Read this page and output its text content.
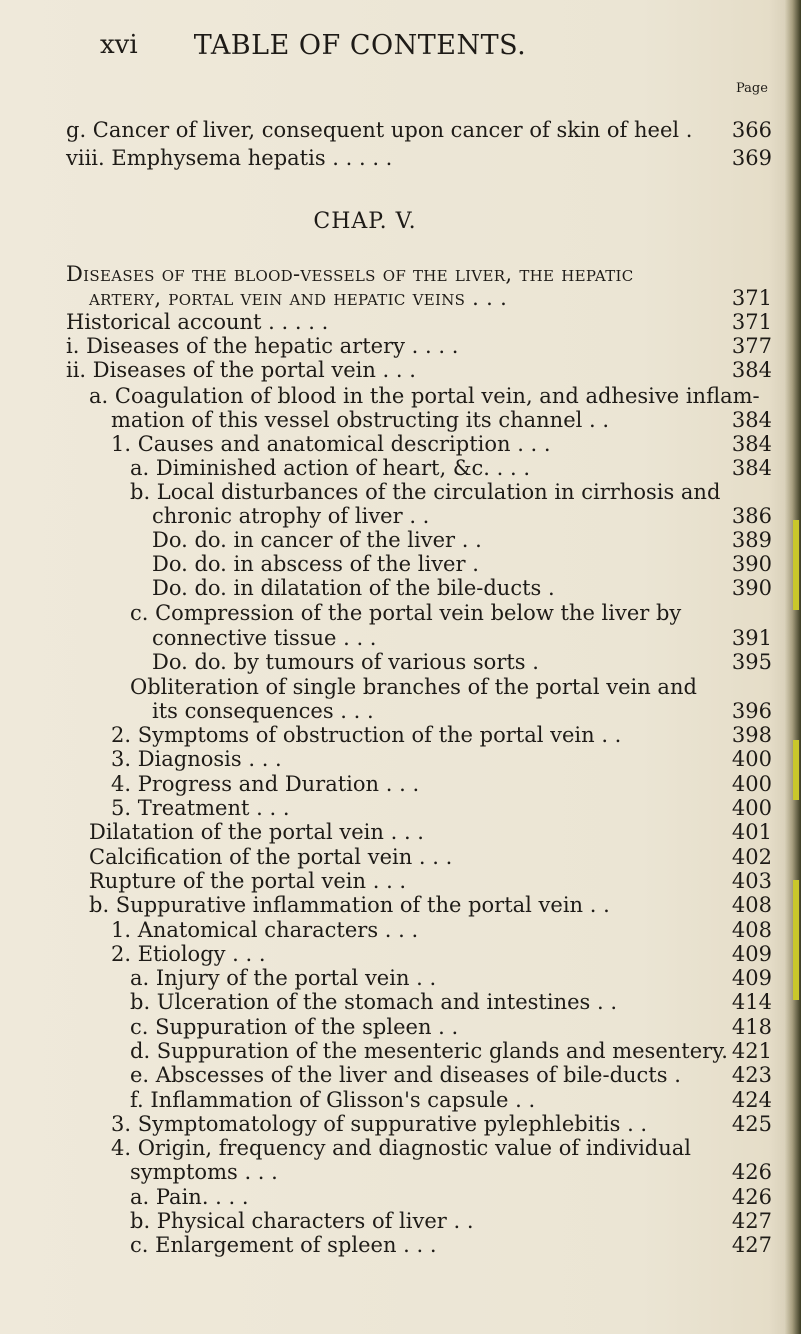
xvi	TABLE OF CONTENTS.
Page
CHAP. V.
g. Cancer of liver, consequent upon cancer of skin of heel . 366
viii. Emphysema hepatis . . . . .	369
Diseases of the blood-vessels of the liver, the hepatic
artery, portal vein and hepatic veins . . .	371
Historical account . . . . .	371
i. Diseases of the hepatic artery . . . .	377
ii. Diseases of the portal vein . . .	384
a. Coagulation of blood in the portal vein, and adhesive inflam-
mation of this vessel obstructing its channel . .	384
1. Causes and anatomical description . . .	384
a. Diminished action of heart, &c. . . .	384
b. Local disturbances of the circulation in cirrhosis and
chronic atrophy of liver . .	386
Do. do. in cancer of the liver . .	389
Do. do. in abscess of the liver .	390
Do. do. in dilatation of the bile-ducts .	390
c. Compression of the portal vein below the liver by
connective tissue . . .	391
Do. do. by tumours of various sorts .	395
Obliteration of single branches of the portal vein and
its consequences . . .	396
2. Symptoms of obstruction of the portal vein . .	398
3. Diagnosis . . .	400
4. Progress and Duration . . .	400
5. Treatment . . .	400
Dilatation of the portal vein . . .	401
Calcification of the portal vein . . .	402
Rupture of the portal vein . . .	403
b. Suppurative inflammation of the portal vein . .	408
1. Anatomical characters . . .	408
2. Etiology . . .	409
a. Injury of the portal vein . .	409
b. Ulceration of the stomach and intestines . .	414
c. Suppuration of the spleen . .	418
d. Suppuration of the mesenteric glands and mesentery. 421
e. Abscesses of the liver and diseases of bile-ducts . 423
f. Inflammation of Glisson's capsule . .	424
3. Symptomatology of suppurative pylephlebitis . .	425
4. Origin, frequency and diagnostic value of individual
symptoms . . .	426
a. Pain. . . .	426
b. Physical characters of liver . .	427
c. Enlargement of spleen . . .	427
